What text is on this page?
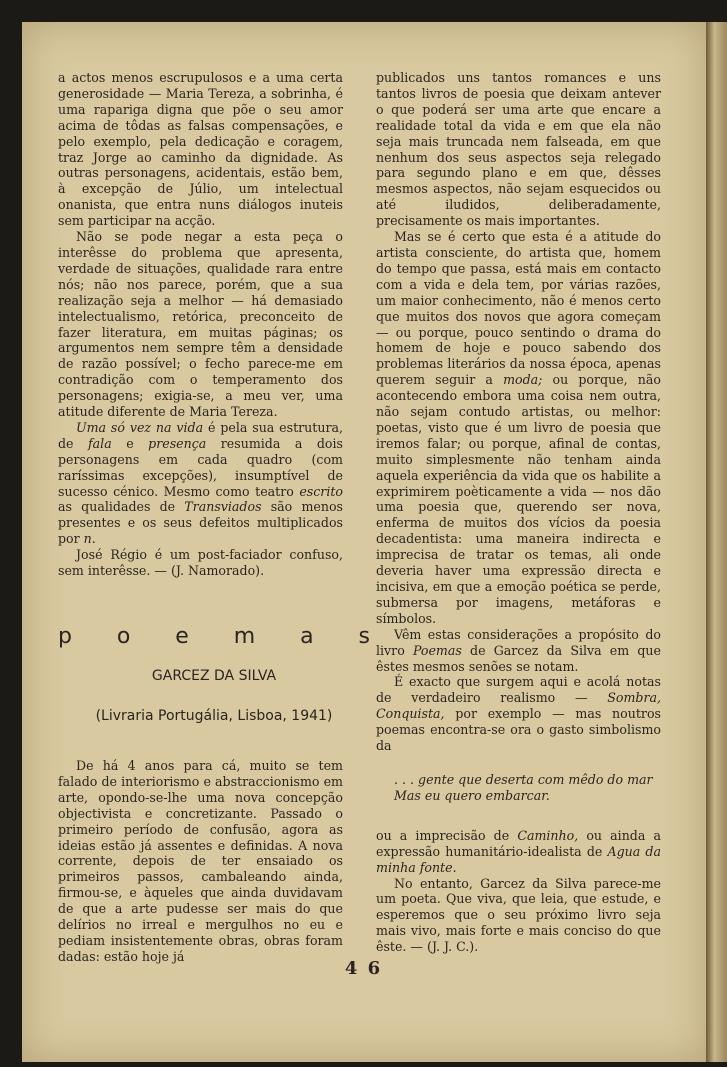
a actos menos escrupulosos e a uma certa generosidade — Maria Tereza, a sobrinha, é uma rapariga digna que põe o seu amor acima de tôdas as falsas compensações, e pelo exemplo, pela dedicação e coragem, traz Jorge ao caminho da dignidade. As outras personagens, acidentais, estão bem, à excepção de Júlio, um intelectual onanista, que entra nuns diálogos inuteis sem participar na acção.

Não se pode negar a esta peça o interêsse do problema que apresenta, verdade de situações, qualidade rara entre nós; não nos parece, porém, que a sua realização seja a melhor — há demasiado intelectualismo, retórica, preconceito de fazer literatura, em muitas páginas; os argumentos nem sempre têm a densidade de razão possível; o fecho parece-me em contradição com o temperamento dos personagens; exigia-se, a meu ver, uma atitude diferente de Maria Tereza.

Uma só vez na vida é pela sua estrutura, de fala e presença resumida a dois personagens em cada quadro (com raríssimas excepções), insumptível de sucesso cénico. Mesmo como teatro escrito as qualidades de Transviados são menos presentes e os seus defeitos multiplicados por n.

José Régio é um post-faciador confuso, sem interêsse. — (J. Namorado).

p o e m a s
GARCEZ DA SILVA
(Livraria Portugália, Lisboa, 1941)

De há 4 anos para cá, muito se tem falado de interiorismo e abstraccionismo em arte, opondo-se-lhe uma nova concepção objectivista e concretizante. Passado o primeiro período de confusão, agora as ideias estão já assentes e definidas. A nova corrente, depois de ter ensaiado os primeiros passos, cambaleando ainda, firmou-se, e àqueles que ainda duvidavam de que a arte pudesse ser mais do que delírios no irreal e mergulhos no eu e pediam insistentemente obras, obras foram dadas: estão hoje já

publicados uns tantos romances e uns tantos livros de poesia que deixam antever o que poderá ser uma arte que encare a realidade total da vida e em que ela não seja mais truncada nem falseada, em que nenhum dos seus aspectos seja relegado para segundo plano e em que, dêsses mesmos aspectos, não sejam esquecidos ou até iludidos, deliberadamente, precisamente os mais importantes.

Mas se é certo que esta é a atitude do artista consciente, do artista que, homem do tempo que passa, está mais em contacto com a vida e dela tem, por várias razões, um maior conhecimento, não é menos certo que muitos dos novos que agora começam — ou porque, pouco sentindo o drama do homem de hoje e pouco sabendo dos problemas literários da nossa época, apenas querem seguir a moda; ou porque, não acontecendo embora uma coisa nem outra, não sejam contudo artistas, ou melhor: poetas, visto que é um livro de poesia que iremos falar; ou porque, afinal de contas, muito simplesmente não tenham ainda aquela experiência da vida que os habilite a exprimirem poèticamente a vida — nos dão uma poesia que, querendo ser nova, enferma de muitos dos vícios da poesia decadentista: uma maneira indirecta e imprecisa de tratar os temas, ali onde deveria haver uma expressão directa e incisiva, em que a emoção poética se perde, submersa por imagens, metáforas e símbolos.

Vêm estas considerações a propósito do livro Poemas de Garcez da Silva em que êstes mesmos senões se notam.

É exacto que surgem aqui e acolá notas de verdadeiro realismo — Sombra, Conquista, por exemplo — mas noutros poemas encontra-se ora o gasto simbolismo da

. . . gente que deserta com mêdo do mar
Mas eu quero embarcar.

ou a imprecisão de Caminho, ou ainda a expressão humanitário-idealista de Agua da minha fonte.

No entanto, Garcez da Silva parece-me um poeta. Que viva, que leia, que estude, e esperemos que o seu próximo livro seja mais vivo, mais forte e mais conciso do que êste. — (J. J. C.).

4 6
